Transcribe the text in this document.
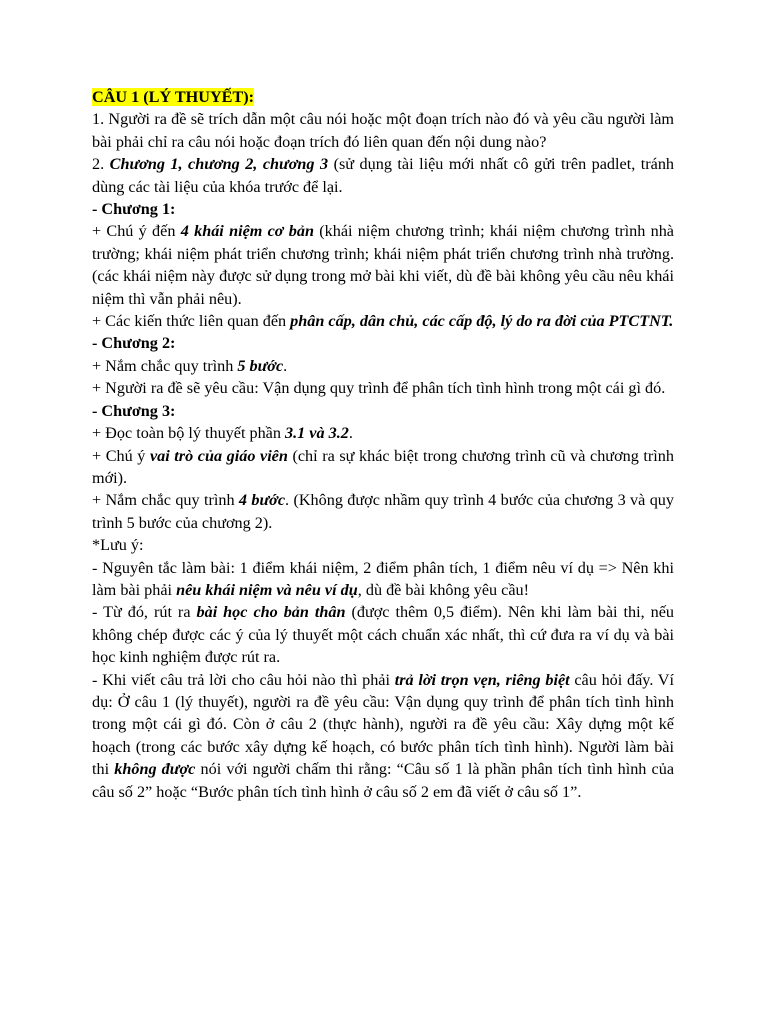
CÂU 1 (LÝ THUYẾT):

1. Người ra đề sẽ trích dẫn một câu nói hoặc một đoạn trích nào đó và yêu cầu người làm bài phải chỉ ra câu nói hoặc đoạn trích đó liên quan đến nội dung nào?

2. Chương 1, chương 2, chương 3 (sử dụng tài liệu mới nhất cô gửi trên padlet, tránh dùng các tài liệu của khóa trước để lại.

- Chương 1:

+ Chú ý đến 4 khái niệm cơ bản (khái niệm chương trình; khái niệm chương trình nhà trường; khái niệm phát triển chương trình; khái niệm phát triển chương trình nhà trường. (các khái niệm này được sử dụng trong mở bài khi viết, dù đề bài không yêu cầu nêu khái niệm thì vẫn phải nêu).

+ Các kiến thức liên quan đến phân cấp, dân chủ, các cấp độ, lý do ra đời của PTCTNT.

- Chương 2:

+ Nắm chắc quy trình 5 bước.

+ Người ra đề sẽ yêu cầu: Vận dụng quy trình để phân tích tình hình trong một cái gì đó.

- Chương 3:

+ Đọc toàn bộ lý thuyết phần 3.1 và 3.2.

+ Chú ý vai trò của giáo viên (chỉ ra sự khác biệt trong chương trình cũ và chương trình mới).

+ Nắm chắc quy trình 4 bước. (Không được nhầm quy trình 4 bước của chương 3 và quy trình 5 bước của chương 2).

*Lưu ý:

- Nguyên tắc làm bài: 1 điểm khái niệm, 2 điểm phân tích, 1 điểm nêu ví dụ => Nên khi làm bài phải nêu khái niệm và nêu ví dụ, dù đề bài không yêu cầu!

- Từ đó, rút ra bài học cho bản thân (được thêm 0,5 điểm). Nên khi làm bài thi, nếu không chép được các ý của lý thuyết một cách chuẩn xác nhất, thì cứ đưa ra ví dụ và bài học kinh nghiệm được rút ra.

- Khi viết câu trả lời cho câu hỏi nào thì phải trả lời trọn vẹn, riêng biệt câu hỏi đấy. Ví dụ: Ở câu 1 (lý thuyết), người ra đề yêu cầu: Vận dụng quy trình để phân tích tình hình trong một cái gì đó. Còn ở câu 2 (thực hành), người ra đề yêu cầu: Xây dựng một kế hoạch (trong các bước xây dựng kế hoạch, có bước phân tích tình hình). Người làm bài thi không được nói với người chấm thi rằng: “Câu số 1 là phần phân tích tình hình của câu số 2” hoặc “Bước phân tích tình hình ở câu số 2 em đã viết ở câu số 1”.
